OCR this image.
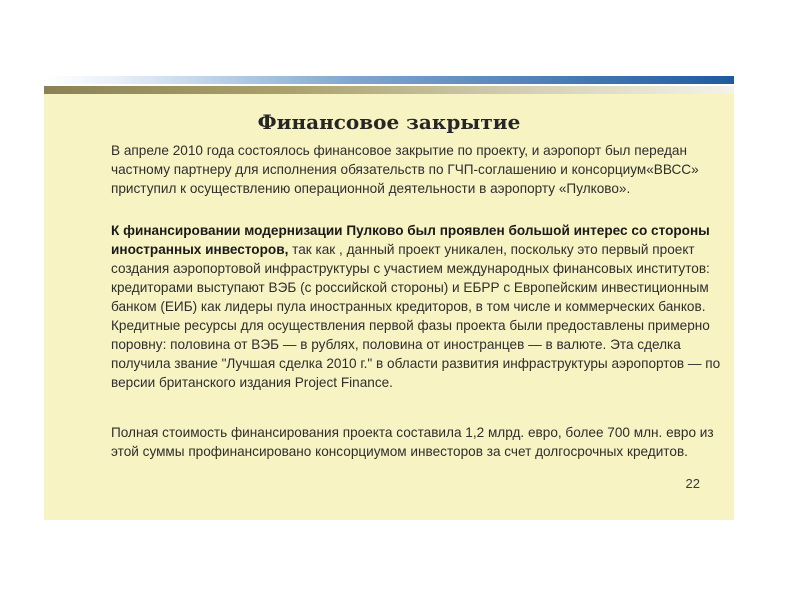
Финансовое закрытие

В апреле 2010 года состоялось финансовое закрытие по проекту, и аэропорт был передан частному партнеру для исполнения обязательств по ГЧП-соглашению и консорциум«ВВСС» приступил к осуществлению операционной деятельности в аэропорту «Пулково».

К финансировании модернизации Пулково был проявлен большой интерес со стороны иностранных инвесторов, так как , данный проект уникален, поскольку это первый проект создания аэропортовой инфраструктуры с участием международных финансовых институтов: кредиторами выступают ВЭБ (с российской стороны) и ЕБРР с Европейским инвестиционным банком (ЕИБ) как лидеры пула иностранных кредиторов, в том числе и коммерческих банков. Кредитные ресурсы для осуществления первой фазы проекта были предоставлены примерно поровну: половина от ВЭБ — в рублях, половина от иностранцев — в валюте. Эта сделка получила звание "Лучшая сделка 2010 г." в области развития инфраструктуры аэропортов — по версии британского издания Project Finance.

Полная стоимость финансирования проекта составила 1,2 млрд. евро, более 700 млн. евро из этой суммы профинансировано консорциумом инвесторов за счет долгосрочных кредитов.

22
